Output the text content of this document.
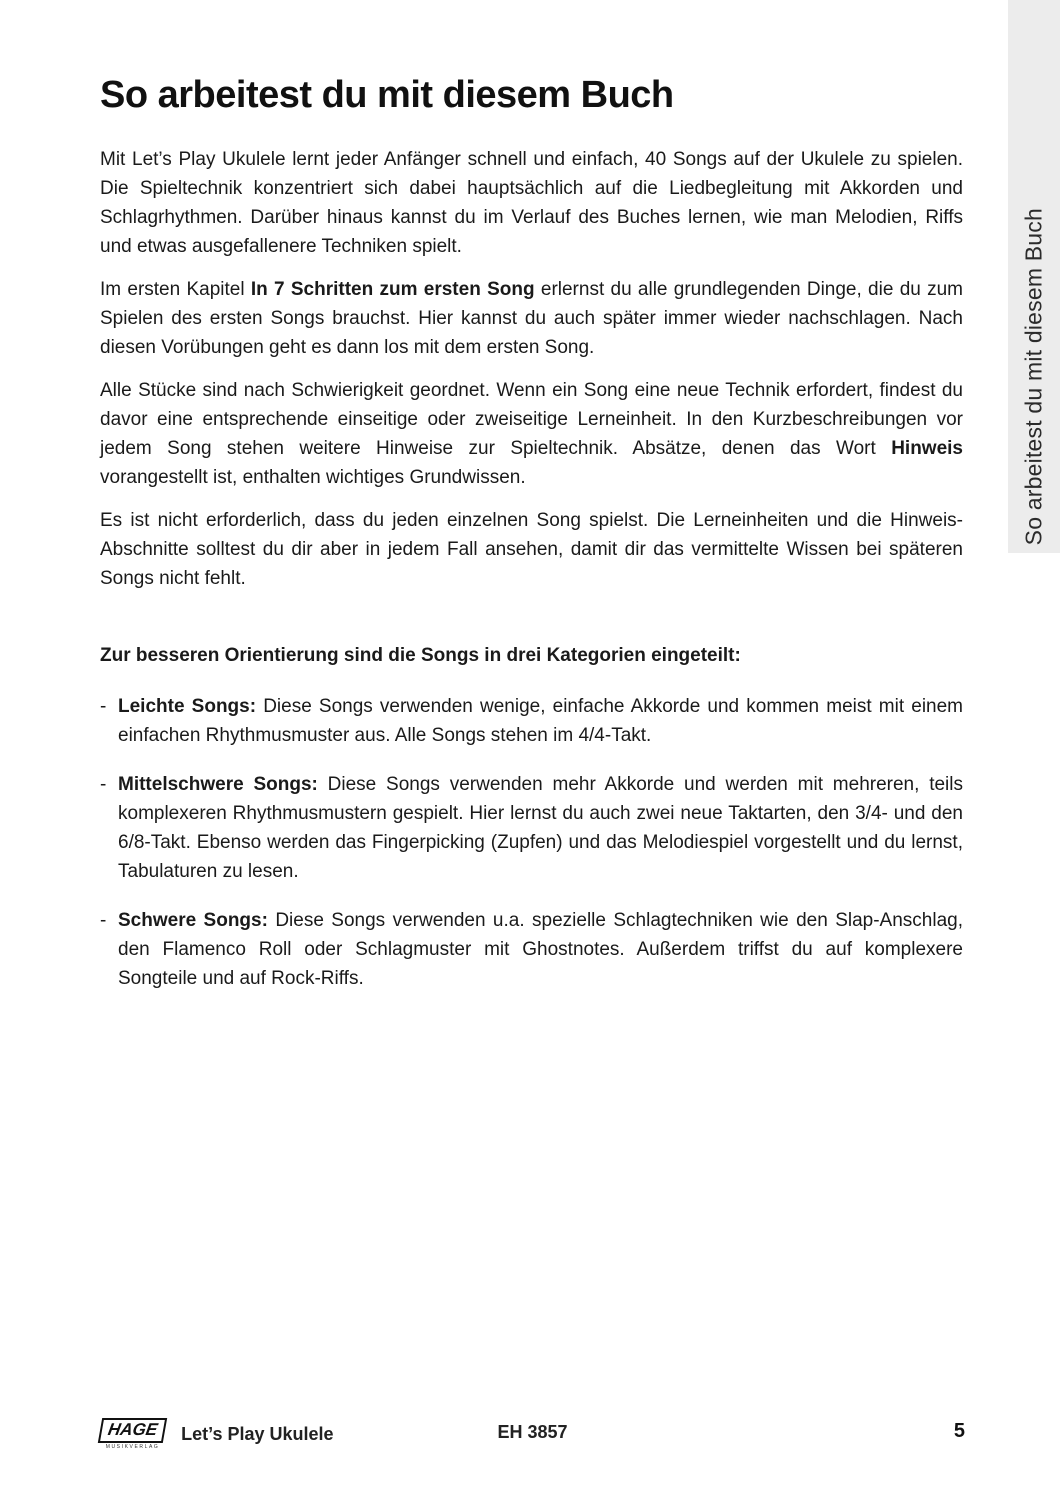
So arbeitest du mit diesem Buch
So arbeitest du mit diesem Buch

Mit Let’s Play Ukulele lernt jeder Anfänger schnell und einfach, 40 Songs auf der Ukulele zu spielen. Die Spieltechnik konzentriert sich dabei hauptsächlich auf die Liedbegleitung mit Akkorden und Schlagrhythmen. Darüber hinaus kannst du im Verlauf des Buches lernen, wie man Melodien, Riffs und etwas ausgefallenere Techniken spielt.

Im ersten Kapitel In 7 Schritten zum ersten Song erlernst du alle grundlegenden Dinge, die du zum Spielen des ersten Songs brauchst. Hier kannst du auch später immer wieder nachschlagen. Nach diesen Vorübungen geht es dann los mit dem ersten Song.

Alle Stücke sind nach Schwierigkeit geordnet. Wenn ein Song eine neue Technik erfordert, findest du davor eine entsprechende einseitige oder zweiseitige Lerneinheit. In den Kurzbeschreibungen vor jedem Song stehen weitere Hinweise zur Spieltechnik. Absätze, denen das Wort Hinweis vorangestellt ist, enthalten wichtiges Grundwissen.

Es ist nicht erforderlich, dass du jeden einzelnen Song spielst. Die Lerneinheiten und die Hinweis-Abschnitte solltest du dir aber in jedem Fall ansehen, damit dir das vermittelte Wissen bei späteren Songs nicht fehlt.

Zur besseren Orientierung sind die Songs in drei Kategorien eingeteilt:
- Leichte Songs: Diese Songs verwenden wenige, einfache Akkorde und kommen meist mit einem einfachen Rhythmusmuster aus. Alle Songs stehen im 4/4-Takt.

- Mittelschwere Songs: Diese Songs verwenden mehr Akkorde und werden mit mehreren, teils komplexeren Rhythmusmustern gespielt. Hier lernst du auch zwei neue Taktarten, den 3/4- und den 6/8-Takt. Ebenso werden das Fingerpicking (Zupfen) und das Melodiespiel vorgestellt und du lernst, Tabulaturen zu lesen.

- Schwere Songs: Diese Songs verwenden u.a. spezielle Schlagtechniken wie den Slap-Anschlag, den Flamenco Roll oder Schlagmuster mit Ghostnotes. Außerdem triffst du auf komplexere Songteile und auf Rock-Riffs.

HAGE
MUSIKVERLAG
Let’s Play Ukulele	EH 3857	5
